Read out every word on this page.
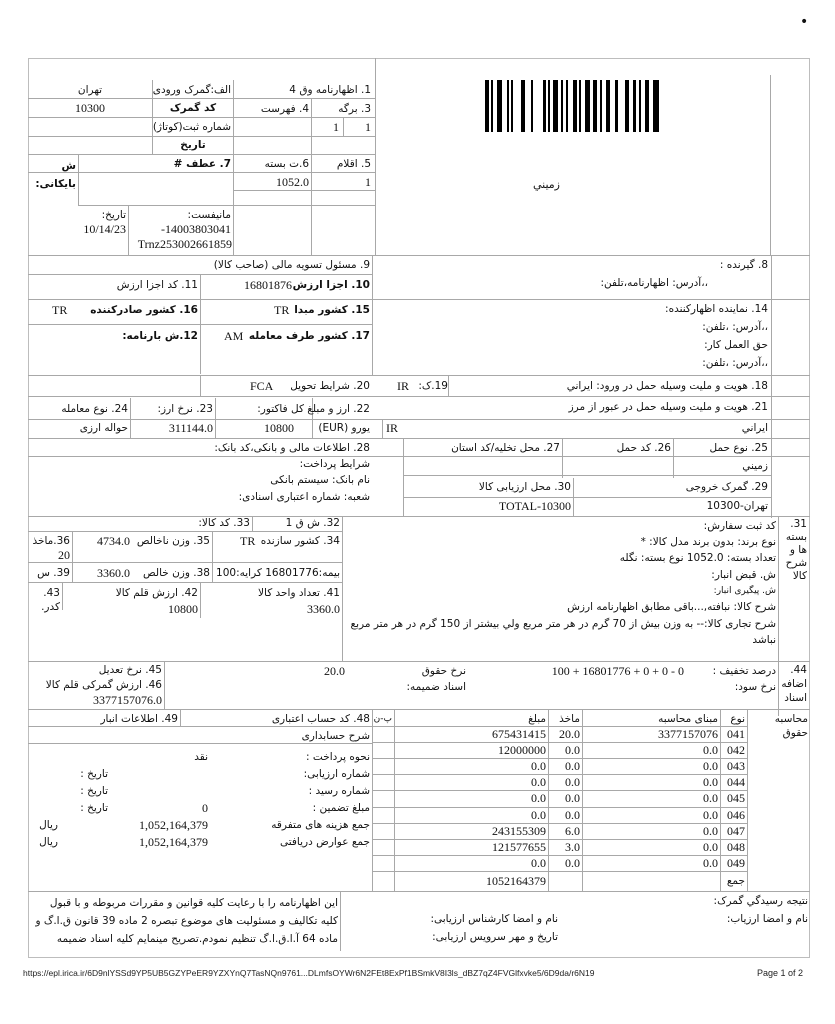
•
زميني
1. اظهارنامه وق 4
الف:گمرک ورودی
تهران
کد گمرک
10300
شماره ثبت(کوتاژ)
تاریخ
3. برگه
4. فهرست
1
1
5. اقلام
1
6.ت بسته
1052.0
7. عطف #
ش بایکانی:
مانیفست:
-14003803041
Trnz253002661859
تاریخ:
10/14/23
9. مسئول تسویه مالی (صاحب کالا)
10. اجزا ارزش
16801876
11. کد اجزا ارزش
15. کشور مبدا
TR
16. کشور صادرکننده
TR
17. کشور طرف معامله
AM
12.ش بارنامه:
8. گیرنده :
،،آدرس: اظهارنامه،تلفن:
14. نماینده اظهارکننده:
،،آدرس: ،تلفن:
حق العمل کار:
،،آدرس: ،تلفن:
18. هویت و ملیت وسیله حمل در ورود: ایراني
19.ک:
IR
20. شرایط تحویل
FCA
21. هویت و ملیت وسیله حمل در عبور از مرز
ایراني
IR
22. ارز و مبلغ کل فاکتور:
یورو (EUR)
10800
23. نرخ ارز:
311144.0
24. نوع معامله
حواله ارزی
25. نوع حمل
زميني
26. کد حمل
27. محل تخلیه/کد استان
29. گمرک خروجی
تهران-10300
30. محل ارزیابی کالا
TOTAL-10300
28. اطلاعات مالی و بانکی،کد بانک:
شرایط پرداخت:
نام بانک: سیستم بانکی
شعبه: شماره اعتباری اسنادی:
31. بسته ها و شرح کالا
کد ثبت سفارش:
نوع برند: بدون برند مدل کالا: *
تعداد بسته: 1052.0 نوع بسته: نگله
ش. قبض انبار:
ش. پیگیری انبار:
شرح کالا: نبافته,...باقی مطابق اظهارنامه ارزش
شرح تجاری کالا:-- به وزن بیش از 70 گرم در هر متر مربع ولي بیشتر از 150 گرم در هر متر مربع نباشد
32. ش ق 1
33. کد کالا:
34. کشور سازنده
TR
35. وزن ناخالص
4734.0
36.ماخذ
20
بیمه:16801776 کرایه:100
38. وزن خالص
3360.0
39. س
41. تعداد واحد کالا
3360.0
42. ارزش قلم کالا
10800
43. کدر.
44. اضافه اسناد
درصد تخفیف :
100 + 16801776 + 0 + 0 - 0
نرخ سود:
نرخ حقوق
20.0
اسناد ضمیمه:
45. نرخ تعدیل
46. ارزش گمرکی قلم کالا
3377157076.0
محاسبه حقوق
نوع
مبنای محاسبه
ماخذ
مبلغ
پ-ن
041
3377157076
20.0
675431415
042
0.0
0.0
12000000
043
0.0
0.0
0.0
044
0.0
0.0
0.0
045
0.0
0.0
0.0
046
0.0
0.0
0.0
047
0.0
6.0
243155309
048
0.0
3.0
121577655
049
0.0
0.0
0.0
جمع
1052164379
48. کد حساب اعتباری
49. اطلاعات انبار
شرح حسابداری
نحوه پرداخت :
نقد
شماره ارزیابی:
تاریخ :
شماره رسید :
تاریخ :
مبلغ تضمین :
0
تاریخ :
جمع هزینه های متفرقه
1,052,164,379
ریال
جمع عوارض دریافتی
1,052,164,379
ریال
نتیجه رسیدگي گمرک:
نام و امضا ارزیاب:
نام و امضا کارشناس ارزیابی:
تاریخ و مهر سرویس ارزیابی:
این اظهارنامه را با رعایت کلیه قوانین و مقررات مربوطه و با قبول کلیه تکالیف و مسئولیت های موضوع تبصره 2 ماده 39 قانون ق.ا.گ و ماده 64 آ.ا.ق.ا.گ تنظیم نمودم.تصریح مینمایم کلیه اسناد ضمیمه
https://epl.irica.ir/6D9nlYSSd9YP5UB5GZYPeER9YZXYnQ7TasNQn9761...DLmfsOYWr6N2FEt8ExPf1BSmkV8I3ls_dBZ7qZ4FVGlfxvke5/6D9da/r6N19	Page 1 of 2
